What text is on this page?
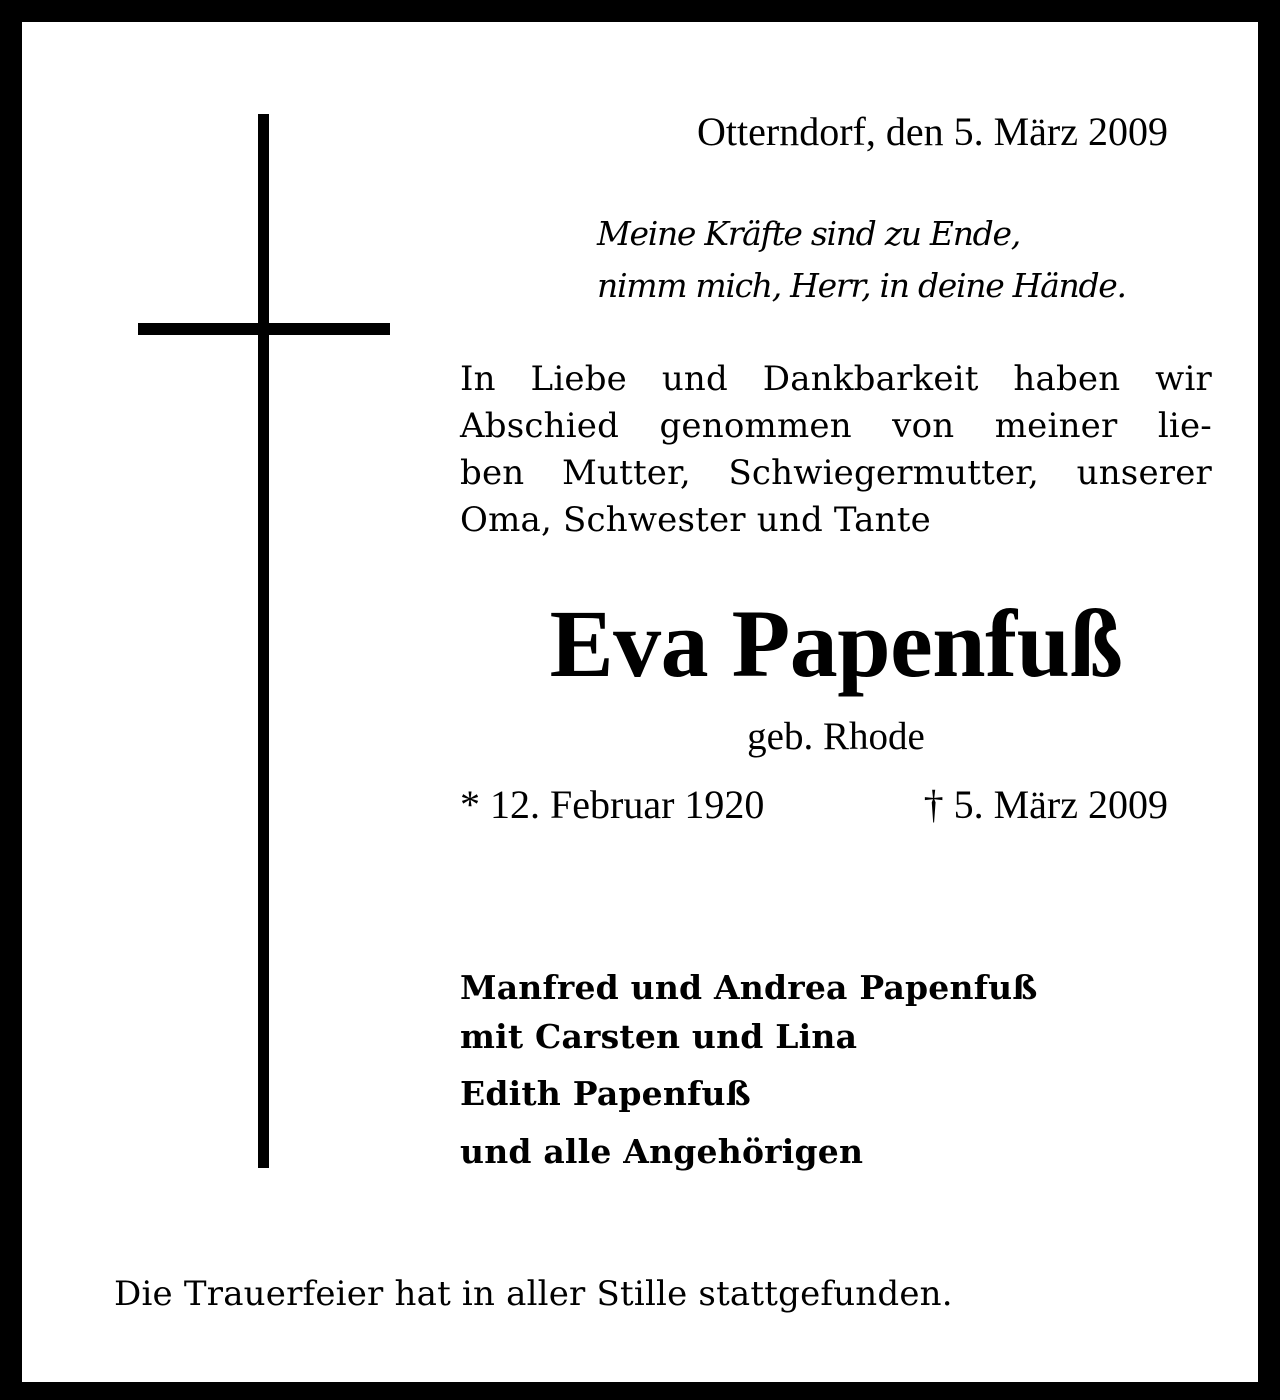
Otterndorf, den 5. März 2009
Meine Kräfte sind zu Ende,
nimm mich, Herr, in deine Hände.
In Liebe und Dankbarkeit haben wir
Abschied genommen von meiner lie-
ben Mutter, Schwiegermutter, unserer
Oma, Schwester und Tante
Eva Papenfuß
geb. Rhode
* 12. Februar 1920	† 5. März 2009
Manfred und Andrea Papenfuß
mit Carsten und Lina
Edith Papenfuß
und alle Angehörigen
Die Trauerfeier hat in aller Stille stattgefunden.
